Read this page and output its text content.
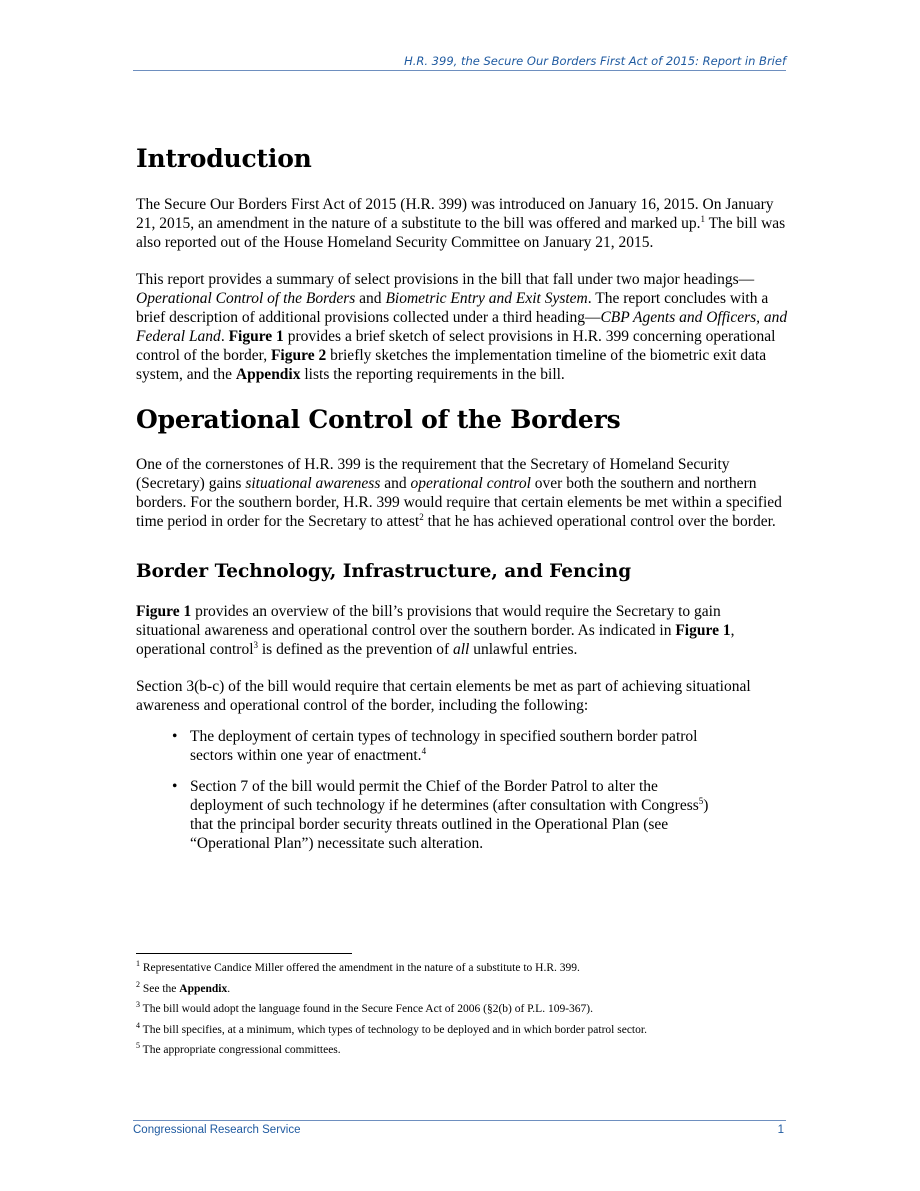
H.R. 399, the Secure Our Borders First Act of 2015: Report in Brief
Introduction

The Secure Our Borders First Act of 2015 (H.R. 399) was introduced on January 16, 2015. On January 21, 2015, an amendment in the nature of a substitute to the bill was offered and marked up.$^1$ The bill was also reported out of the House Homeland Security Committee on January 21, 2015.

This report provides a summary of select provisions in the bill that fall under two major headings—Operational Control of the Borders and Biometric Entry and Exit System. The report concludes with a brief description of additional provisions collected under a third heading—CBP Agents and Officers, and Federal Land. Figure 1 provides a brief sketch of select provisions in H.R. 399 concerning operational control of the border, Figure 2 briefly sketches the implementation timeline of the biometric exit data system, and the Appendix lists the reporting requirements in the bill.

Operational Control of the Borders

One of the cornerstones of H.R. 399 is the requirement that the Secretary of Homeland Security (Secretary) gains situational awareness and operational control over both the southern and northern borders. For the southern border, H.R. 399 would require that certain elements be met within a specified time period in order for the Secretary to attest$^2$ that he has achieved operational control over the border.

Border Technology, Infrastructure, and Fencing

Figure 1 provides an overview of the bill’s provisions that would require the Secretary to gain situational awareness and operational control over the southern border. As indicated in Figure 1, operational control$^3$ is defined as the prevention of all unlawful entries.

Section 3(b-c) of the bill would require that certain elements be met as part of achieving situational awareness and operational control of the border, including the following:

• The deployment of certain types of technology in specified southern border patrol sectors within one year of enactment.$^4$
• Section 7 of the bill would permit the Chief of the Border Patrol to alter the deployment of such technology if he determines (after consultation with Congress$^5$) that the principal border security threats outlined in the Operational Plan (see “Operational Plan”) necessitate such alteration.
$^1$ Representative Candice Miller offered the amendment in the nature of a substitute to H.R. 399.
$^2$ See the Appendix.
$^3$ The bill would adopt the language found in the Secure Fence Act of 2006 (§2(b) of P.L. 109-367).
$^4$ The bill specifies, at a minimum, which types of technology to be deployed and in which border patrol sector.
$^5$ The appropriate congressional committees.
Congressional Research Service	1
